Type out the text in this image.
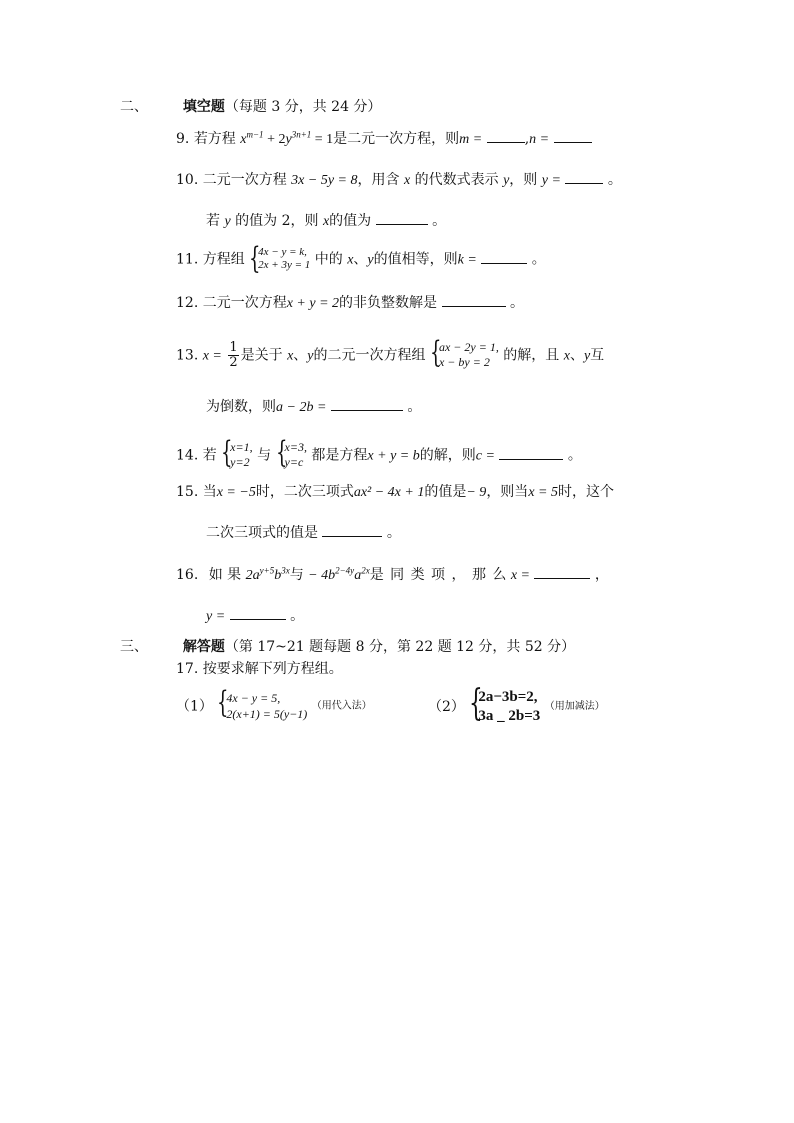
二、 填空题（每题 3 分，共 24 分）
9. 若方程 $x^{m-1} + 2y^{3n+1} = 1$是二元一次方程，则m =	,n =
10. 二元一次方程 3x − 5y = 8，用含 x 的代数式表示 y，则 y =	。
若 y 的值为 2，则 x的值为	。
11. 方程组 {
4x − y = k,
2x + 3y = 1 中的 x、y的值相等，则k =	。
12. 二元一次方程x + y = 2的非负整数解是	。
13. $x = \frac{1}{2}$ 是关于 x、y的二元一次方程组 {
ax − 2y = 1,
x − by = 2 的解，且 x、y互
为倒数，则a − 2b =	。
14. 若 {
x=1,
y=2 与 {
x=3,
y=c 都是方程x + y = b的解，则c =	。
15. 当x = −5时，二次三项式ax² − 4x + 1的值是− 9，则当x = 5时，这个
二次三项式的值是	。
16. 如 果 $2a^{y+5}b^{3x}$与 − $4b^{2-4y}a^{2x}$是 同 类 项 ， 那 么 x =	，
y =	。
三、 解答题（第 17~21 题每题 8 分，第 22 题 12 分，共 52 分）
17. 按要求解下列方程组。
（1） {
4x − y = 5,
2(x+1) = 5(y−1)
（用代入法）	（2） {
2a−3b=2,
3a _ 2b=3
（用加减法）
